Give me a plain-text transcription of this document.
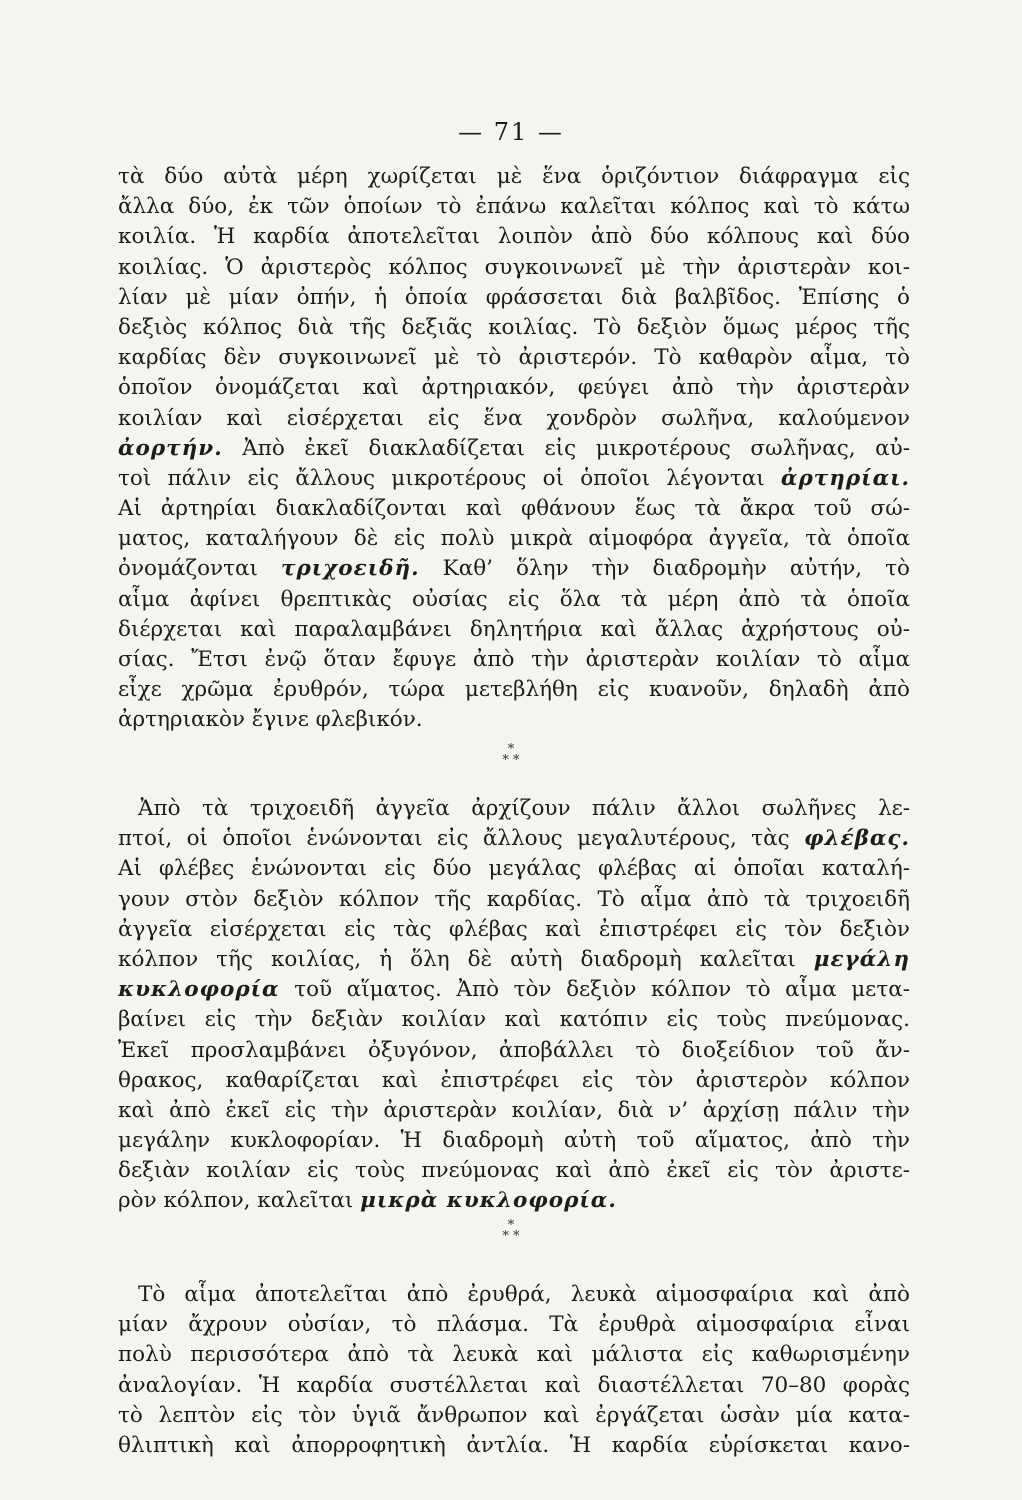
— 71 —
τὰ δύο αὐτὰ μέρη χωρίζεται μὲ ἕνα ὁριζόντιον διάφραγμα εἰς
ἄλλα δύο, ἐκ τῶν ὁποίων τὸ ἐπάνω καλεῖται κόλπος καὶ τὸ κάτω
κοιλία. Ἡ καρδία ἀποτελεῖται λοιπὸν ἀπὸ δύο κόλπους καὶ δύο
κοιλίας. Ὁ ἀριστερὸς κόλπος συγκοινωνεῖ μὲ τὴν ἀριστερὰν κοι-
λίαν μὲ μίαν ὀπήν, ἡ ὁποία φράσσεται διὰ βαλβῖδος. Ἐπίσης ὁ
δεξιὸς κόλπος διὰ τῆς δεξιᾶς κοιλίας. Τὸ δεξιὸν ὅμως μέρος τῆς
καρδίας δὲν συγκοινωνεῖ μὲ τὸ ἀριστερόν. Τὸ καθαρὸν αἷμα, τὸ
ὁποῖον ὀνομάζεται καὶ ἀρτηριακόν, φεύγει ἀπὸ τὴν ἀριστερὰν
κοιλίαν καὶ εἰσέρχεται εἰς ἕνα χονδρὸν σωλῆνα, καλούμενον
ἀορτήν. Ἀπὸ ἐκεῖ διακλαδίζεται εἰς μικροτέρους σωλῆνας, αὐ-
τοὶ πάλιν εἰς ἄλλους μικροτέρους οἱ ὁποῖοι λέγονται ἀρτηρίαι.
Αἱ ἀρτηρίαι διακλαδίζονται καὶ φθάνουν ἕως τὰ ἄκρα τοῦ σώ-
ματος, καταλήγουν δὲ εἰς πολὺ μικρὰ αἱμοφόρα ἀγγεῖα, τὰ ὁποῖα
ὀνομάζονται τριχοειδῆ. Καθ’ ὅλην τὴν διαδρομὴν αὐτήν, τὸ
αἷμα ἀφίνει θρεπτικὰς οὐσίας εἰς ὅλα τὰ μέρη ἀπὸ τὰ ὁποῖα
διέρχεται καὶ παραλαμβάνει δηλητήρια καὶ ἄλλας ἀχρήστους οὐ-
σίας. Ἔτσι ἐνῷ ὅταν ἔφυγε ἀπὸ τὴν ἀριστερὰν κοιλίαν τὸ αἷμα
εἶχε χρῶμα ἐρυθρόν, τώρα μετεβλήθη εἰς κυανοῦν, δηλαδὴ ἀπὸ
ἀρτηριακὸν ἔγινε φλεβικόν.
*
* *
Ἀπὸ τὰ τριχοειδῆ ἀγγεῖα ἀρχίζουν πάλιν ἄλλοι σωλῆνες λε-
πτοί, οἱ ὁποῖοι ἑνώνονται εἰς ἄλλους μεγαλυτέρους, τὰς φλέβας.
Αἱ φλέβες ἑνώνονται εἰς δύο μεγάλας φλέβας αἱ ὁποῖαι καταλή-
γουν στὸν δεξιὸν κόλπον τῆς καρδίας. Τὸ αἷμα ἀπὸ τὰ τριχοειδῆ
ἀγγεῖα εἰσέρχεται εἰς τὰς φλέβας καὶ ἐπιστρέφει εἰς τὸν δεξιὸν
κόλπον τῆς κοιλίας, ἡ ὅλη δὲ αὐτὴ διαδρομὴ καλεῖται μεγάλη
κυκλοφορία τοῦ αἵματος. Ἀπὸ τὸν δεξιὸν κόλπον τὸ αἷμα μετα-
βαίνει εἰς τὴν δεξιὰν κοιλίαν καὶ κατόπιν εἰς τοὺς πνεύμονας.
Ἐκεῖ προσλαμβάνει ὀξυγόνον, ἀποβάλλει τὸ διοξείδιον τοῦ ἄν-
θρακος, καθαρίζεται καὶ ἐπιστρέφει εἰς τὸν ἀριστερὸν κόλπον
καὶ ἀπὸ ἐκεῖ εἰς τὴν ἀριστερὰν κοιλίαν, διὰ ν’ ἀρχίσῃ πάλιν τὴν
μεγάλην κυκλοφορίαν. Ἡ διαδρομὴ αὐτὴ τοῦ αἵματος, ἀπὸ τὴν
δεξιὰν κοιλίαν εἰς τοὺς πνεύμονας καὶ ἀπὸ ἐκεῖ εἰς τὸν ἀριστε-
ρὸν κόλπον, καλεῖται μικρὰ κυκλοφορία.
*
* *
Τὸ αἷμα ἀποτελεῖται ἀπὸ ἐρυθρά, λευκὰ αἱμοσφαίρια καὶ ἀπὸ
μίαν ἄχρουν οὐσίαν, τὸ πλάσμα. Τὰ ἐρυθρὰ αἱμοσφαίρια εἶναι
πολὺ περισσότερα ἀπὸ τὰ λευκὰ καὶ μάλιστα εἰς καθωρισμένην
ἀναλογίαν. Ἡ καρδία συστέλλεται καὶ διαστέλλεται 70–80 φορὰς
τὸ λεπτὸν εἰς τὸν ὑγιᾶ ἄνθρωπον καὶ ἐργάζεται ὡσὰν μία κατα-
θλιπτικὴ καὶ ἀπορροφητικὴ ἀντλία. Ἡ καρδία εὑρίσκεται κανο-
